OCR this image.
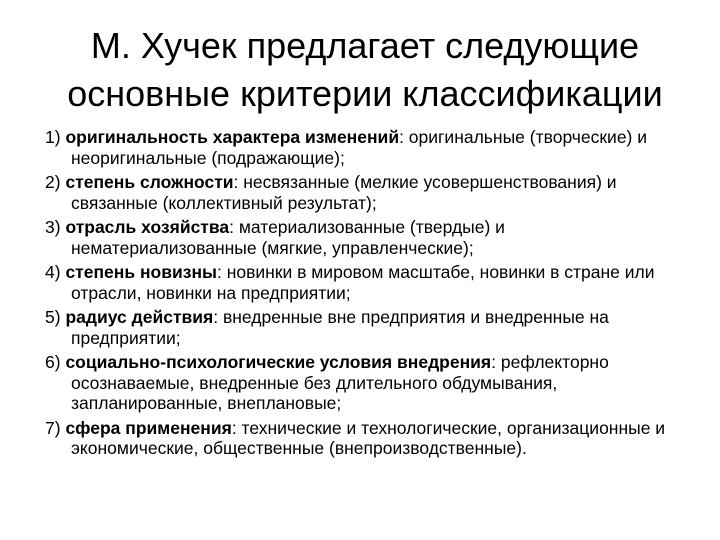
М. Хучек предлагает следующие
основные критерии классификации

1) оригинальность характера изменений: оригинальные (творческие) и неоригинальные (подражающие);

2) степень сложности: несвязанные (мелкие усовершенствования) и связанные (коллективный результат);

3) отрасль хозяйства: материализованные (твердые) и нематериализованные (мягкие, управленческие);

4) степень новизны: новинки в мировом масштабе, новинки в стране или отрасли, новинки на предприятии;

5) радиус действия: внедренные вне предприятия и внедренные на предприятии;

6) социально-психологические условия внедрения: рефлекторно осознаваемые, внедренные без длительного обдумывания, запланированные, внеплановые;

7) сфера применения: технические и технологические, организационные и экономические, общественные (внепроизводственные).
